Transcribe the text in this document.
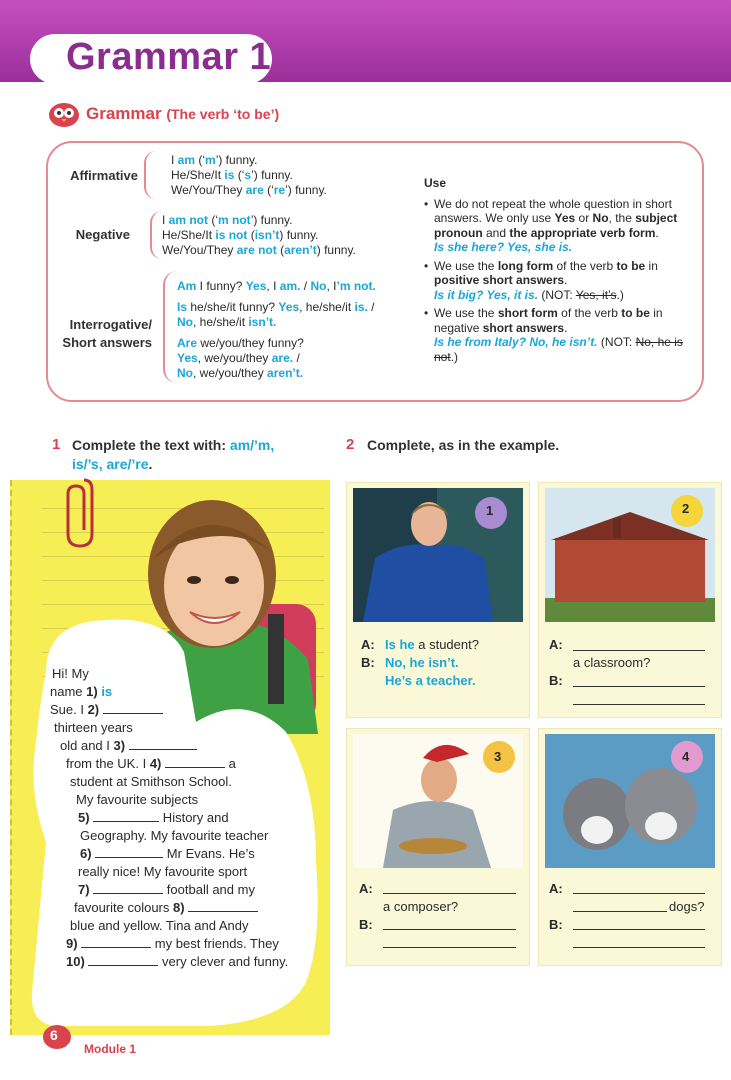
Grammar 1
Grammar (The verb ‘to be’)
Affirmative
I am (‘m’) funny.
He/She/It is (‘s’) funny.
We/You/They are (‘re’) funny.
Negative
I am not (‘m not’) funny.
He/She/It is not (isn’t) funny.
We/You/They are not (aren’t) funny.
Interrogative/
Short answers
Am I funny? Yes, I am. / No, I’m not.
Is he/she/it funny? Yes, he/she/it is. /
No, he/she/it isn’t.
Are we/you/they funny?
Yes, we/you/they are. /
No, we/you/they aren’t.
Use
• We do not repeat the whole question in short answers. We only use Yes or No, the subject pronoun and the appropriate verb form.
Is she here? Yes, she is.
• We use the long form of the verb to be in positive short answers.
Is it big? Yes, it is. (NOT: Yes, it’s.)
• We use the short form of the verb to be in negative short answers.
Is he from Italy? No, he isn’t. (NOT: No, he is
not.)
1 Complete the text with: am/’m,
is/’s, are/’re.
2 Complete, as in the example.
Hi! My
name 1) is
Sue. I 2)
thirteen years
old and I 3)
from the UK. I 4)	a
student at Smithson School.
My favourite subjects
5)	History and
Geography. My favourite teacher
6)	Mr Evans. He’s
really nice! My favourite sport
7)	football and my
favourite colours 8)
blue and yellow. Tina and Andy
9)	my best friends. They
10)	very clever and funny.
1
A: Is he a student?
B: No, he isn’t.
He’s a teacher.
2
A:
a classroom?
B:
3
A:
a composer?
B:
4
A:
dogs?
B:
6
Module 1
